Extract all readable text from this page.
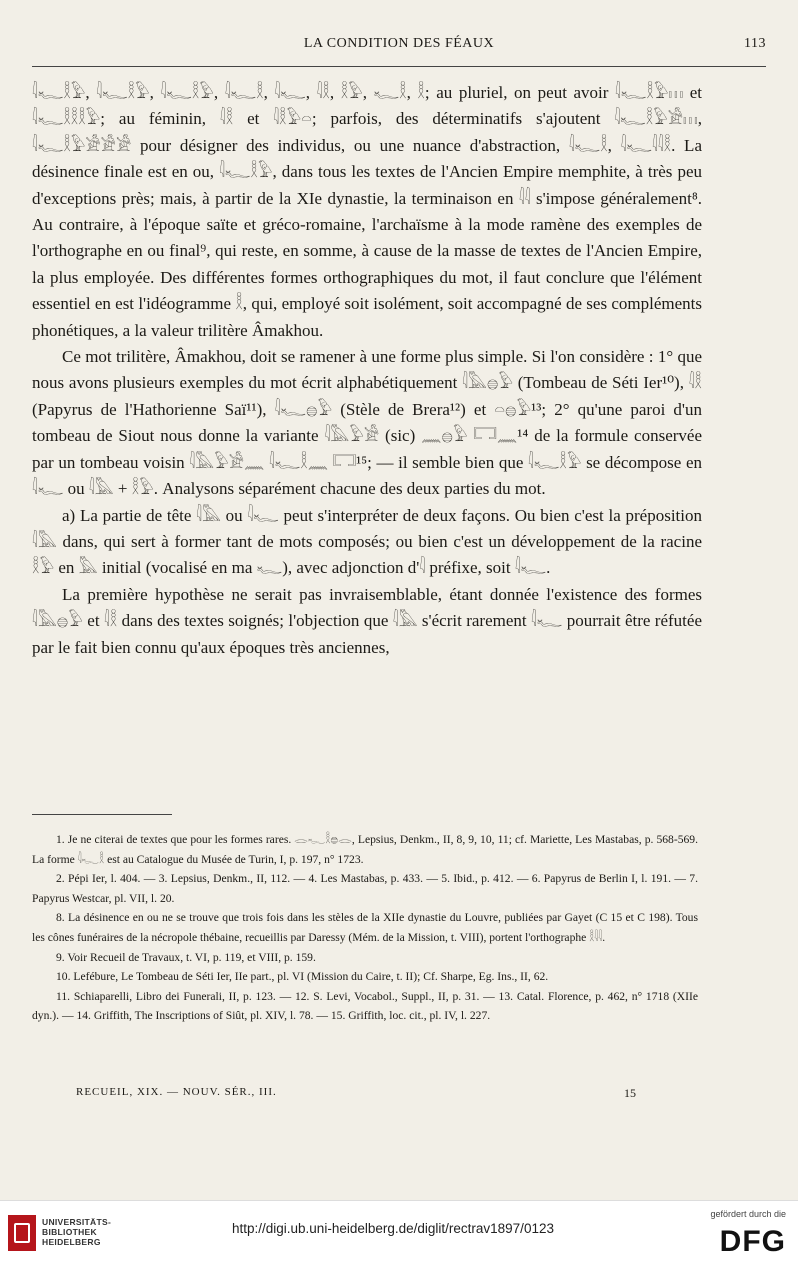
LA CONDITION DES FÉAUX	113

𓇋𓆑𓎛𓅱, 𓇋𓆑𓎛𓅱, 𓇋𓆑𓎛𓅱, 𓇋𓆑𓎛, 𓇋𓆑, 𓇋𓎛, 𓎛𓅱, 𓆑𓎛, 𓎛; au pluriel, on peut avoir 𓇋𓆑𓎛𓅱𓏥 et 𓇋𓆑𓎛𓎛𓎛𓅱; au féminin, 𓇋𓎛 et 𓇋𓎛𓅱𓏏; parfois, des déterminatifs s'ajoutent 𓇋𓆑𓎛𓅱𓀀𓏥, 𓇋𓆑𓎛𓅱𓀀𓀀𓀀 pour désigner des individus, ou une nuance d'abstraction, 𓇋𓆑𓎛, 𓇋𓆑𓇋𓇋𓎛. La désinence finale est en ou, 𓇋𓆑𓎛𓅱, dans tous les textes de l'Ancien Empire memphite, à très peu d'exceptions près; mais, à partir de la XIe dynastie, la terminaison en 𓇋𓇋 s'impose généralement⁸. Au contraire, à l'époque saïte et gréco-romaine, l'archaïsme à la mode ramène des exemples de l'orthographe en ou final⁹, qui reste, en somme, à cause de la masse de textes de l'Ancien Empire, la plus employée. Des différentes formes orthographiques du mot, il faut conclure que l'élément essentiel en est l'idéogramme 𓎛, qui, employé soit isolément, soit accompagné de ses compléments phonétiques, a la valeur trilitère Âmakhou.

Ce mot trilitère, Âmakhou, doit se ramener à une forme plus simple. Si l'on considère : 1° que nous avons plusieurs exemples du mot écrit alphabétiquement 𓇋𓅓𓐍𓅱 (Tombeau de Séti Ier¹⁰), 𓇋𓎛 (Papyrus de l'Hathorienne Saï¹¹), 𓇋𓆑𓐍𓅱 (Stèle de Brera¹²) et 𓏏𓐍𓅱¹³; 2° qu'une paroi d'un tombeau de Siout nous donne la variante 𓇋𓅓𓅱𓀀 (sic) 𓈖𓐍𓅱 𓉐𓈖¹⁴ de la formule conservée par un tombeau voisin 𓇋𓅓𓅱𓀀𓈖 𓇋𓆑𓎛𓈖 𓉐¹⁵; — il semble bien que 𓇋𓆑𓎛𓅱 se décompose en 𓇋𓆑 ou 𓇋𓅓 + 𓎛𓅱. Analysons séparément chacune des deux parties du mot.

a) La partie de tête 𓇋𓅓 ou 𓇋𓆑 peut s'interpréter de deux façons. Ou bien c'est la préposition 𓇋𓅓 dans, qui sert à former tant de mots composés; ou bien c'est un développement de la racine 𓎛𓅱 en 𓅓 initial (vocalisé en ma 𓆑), avec adjonction d'𓇋 préfixe, soit 𓇋𓆑.

La première hypothèse ne serait pas invraisemblable, étant donnée l'existence des formes 𓇋𓅓𓐍𓅱 et 𓇋𓎛 dans des textes soignés; l'objection que 𓇋𓅓 s'écrit rarement 𓇋𓆑 pourrait être réfutée par le fait bien connu qu'aux époques très anciennes,

1. Je ne citerai de textes que pour les formes rares. 𓂋𓆑𓎛𓐍𓂋, Lepsius, Denkm., II, 8, 9, 10, 11; cf. Mariette, Les Mastabas, p. 568-569. La forme 𓇋𓆑𓎛 est au Catalogue du Musée de Turin, I, p. 197, n° 1723.

2. Pépi Ier, l. 404. — 3. Lepsius, Denkm., II, 112. — 4. Les Mastabas, p. 433. — 5. Ibid., p. 412. — 6. Papyrus de Berlin I, l. 191. — 7. Papyrus Westcar, pl. VII, l. 20.

8. La désinence en ou ne se trouve que trois fois dans les stèles de la XIIe dynastie du Louvre, publiées par Gayet (C 15 et C 198). Tous les cônes funéraires de la nécropole thébaine, recueillis par Daressy (Mém. de la Mission, t. VIII), portent l'orthographe 𓎛𓇋𓇋.

9. Voir Recueil de Travaux, t. VI, p. 119, et VIII, p. 159.

10. Lefébure, Le Tombeau de Séti Ier, IIe part., pl. VI (Mission du Caire, t. II); Cf. Sharpe, Eg. Ins., II, 62.

11. Schiaparelli, Libro dei Funerali, II, p. 123. — 12. S. Levi, Vocabol., Suppl., II, p. 31. — 13. Catal. Florence, p. 462, n° 1718 (XIIe dyn.). — 14. Griffith, The Inscriptions of Siût, pl. XIV, l. 78. — 15. Griffith, loc. cit., pl. IV, l. 227.

RECUEIL, XIX. — NOUV. SÉR., III.	15
UNIVERSITÄTS-
BIBLIOTHEK
HEIDELBERG
http://digi.ub.uni-heidelberg.de/diglit/rectrav1897/0123
gefördert durch die
DFG
